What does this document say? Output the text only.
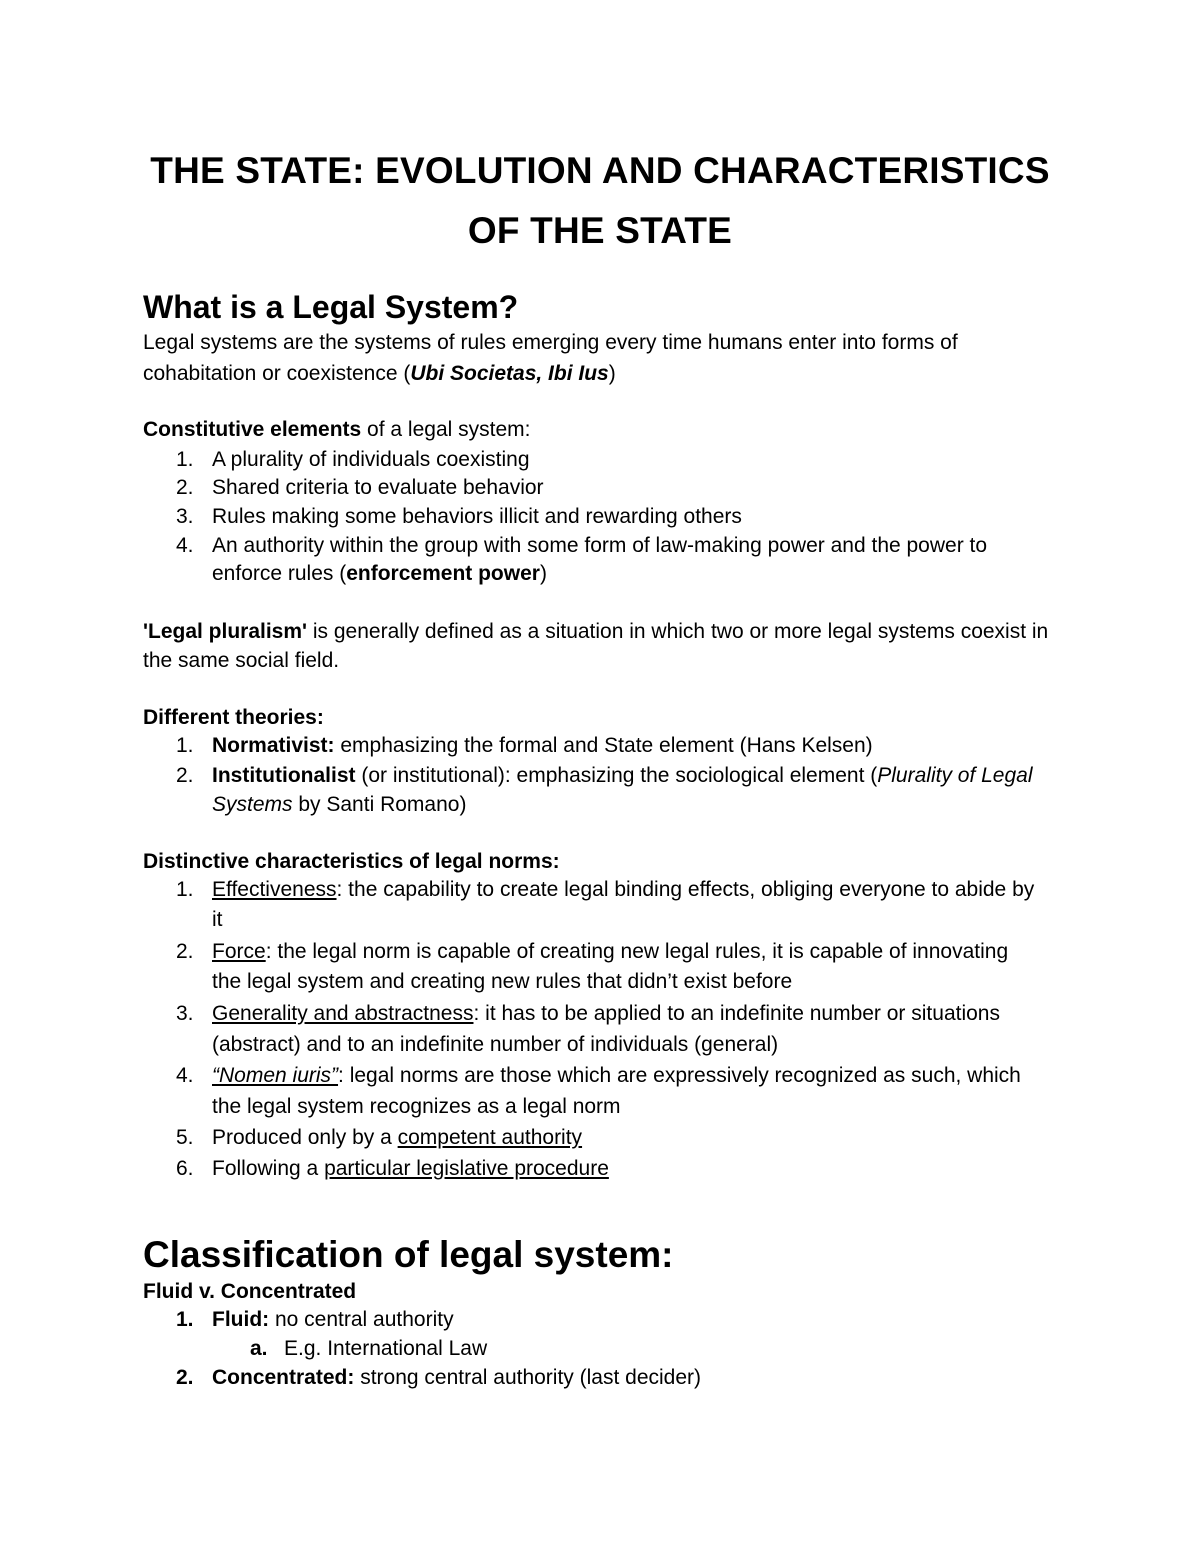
THE STATE: EVOLUTION AND CHARACTERISTICS
OF THE STATE
What is a Legal System?
Legal systems are the systems of rules emerging every time humans enter into forms of
cohabitation or coexistence (Ubi Societas, Ibi Ius)
Constitutive elements of a legal system:
1. A plurality of individuals coexisting
2. Shared criteria to evaluate behavior
3. Rules making some behaviors illicit and rewarding others
4. An authority within the group with some form of law-making power and the power to
enforce rules (enforcement power)
'Legal pluralism' is generally defined as a situation in which two or more legal systems coexist in
the same social field.
Different theories:
1. Normativist: emphasizing the formal and State element (Hans Kelsen)
2. Institutionalist (or institutional): emphasizing the sociological element (Plurality of Legal
Systems by Santi Romano)
Distinctive characteristics of legal norms:
1. Effectiveness: the capability to create legal binding effects, obliging everyone to abide by
it
2. Force: the legal norm is capable of creating new legal rules, it is capable of innovating
the legal system and creating new rules that didn’t exist before
3. Generality and abstractness: it has to be applied to an indefinite number or situations
(abstract) and to an indefinite number of individuals (general)
4. “Nomen iuris”: legal norms are those which are expressively recognized as such, which
the legal system recognizes as a legal norm
5. Produced only by a competent authority
6. Following a particular legislative procedure
Classification of legal system:
Fluid v. Concentrated
1. Fluid: no central authority
a. E.g. International Law
2. Concentrated: strong central authority (last decider)
